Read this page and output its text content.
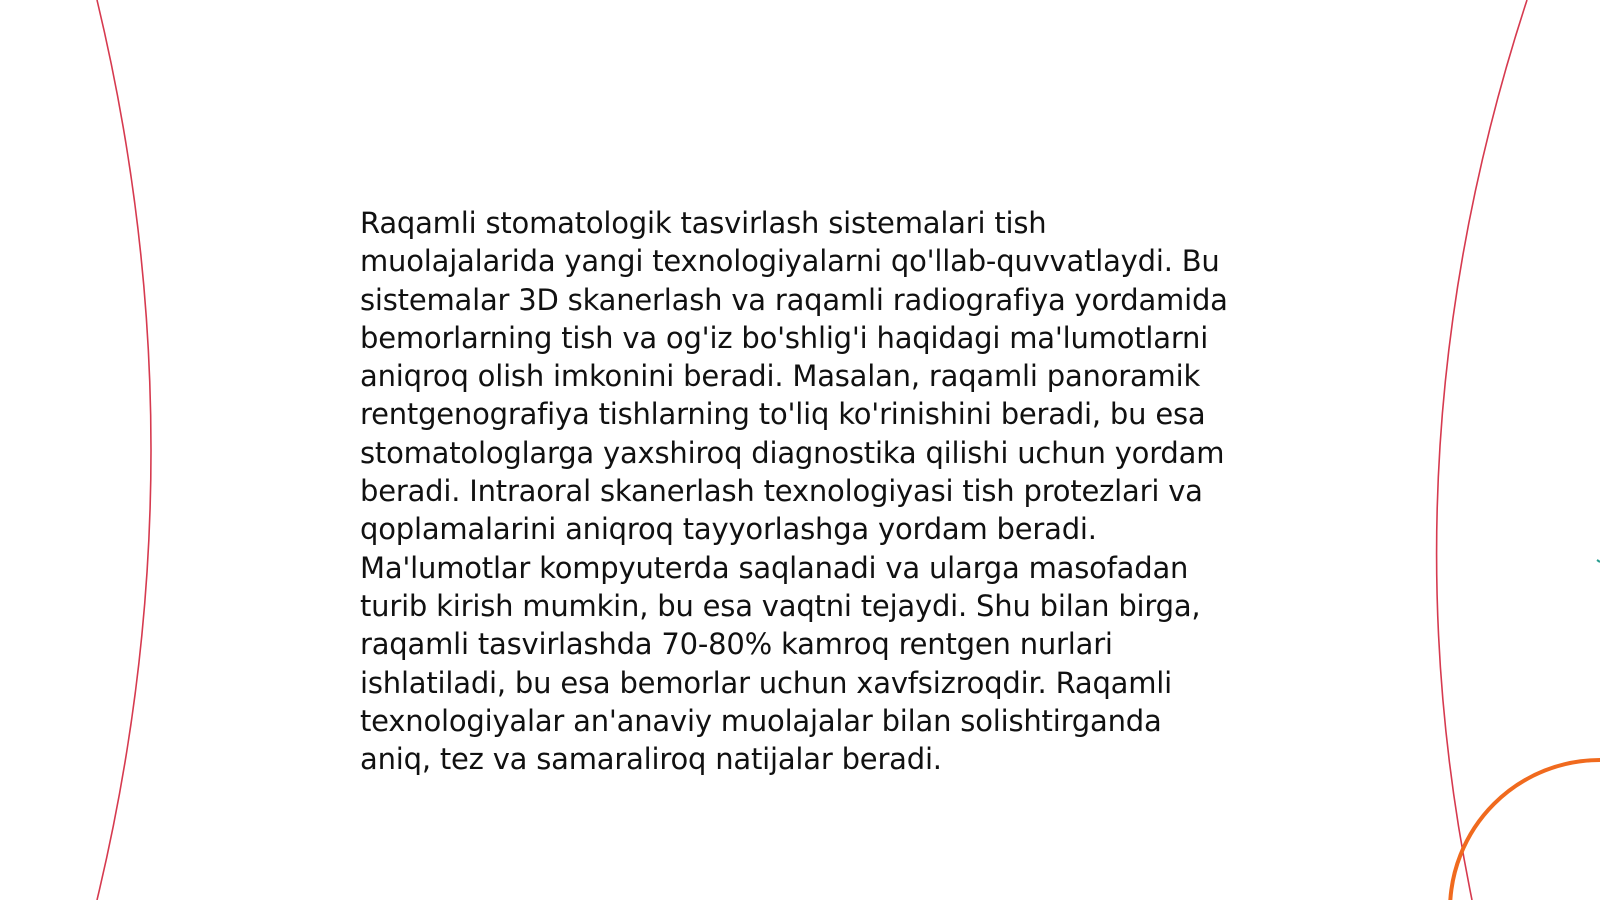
Raqamli stomatologik tasvirlash sistemalari tish muolajalarida yangi texnologiyalarni qo'llab-quvvatlaydi. Bu sistemalar 3D skanerlash va raqamli radiografiya yordamida bemorlarning tish va og'iz bo'shlig'i haqidagi ma'lumotlarni aniqroq olish imkonini beradi. Masalan, raqamli panoramik rentgenografiya tishlarning to'liq ko'rinishini beradi, bu esa stomatologlarga yaxshiroq diagnostika qilishi uchun yordam beradi. Intraoral skanerlash texnologiyasi tish protezlari va qoplamalarini aniqroq tayyorlashga yordam beradi. Ma'lumotlar kompyuterda saqlanadi va ularga masofadan turib kirish mumkin, bu esa vaqtni tejaydi. Shu bilan birga, raqamli tasvirlashda 70-80% kamroq rentgen nurlari ishlatiladi, bu esa bemorlar uchun xavfsizroqdir. Raqamli texnologiyalar an'anaviy muolajalar bilan solishtirganda aniq, tez va samaraliroq natijalar beradi.
